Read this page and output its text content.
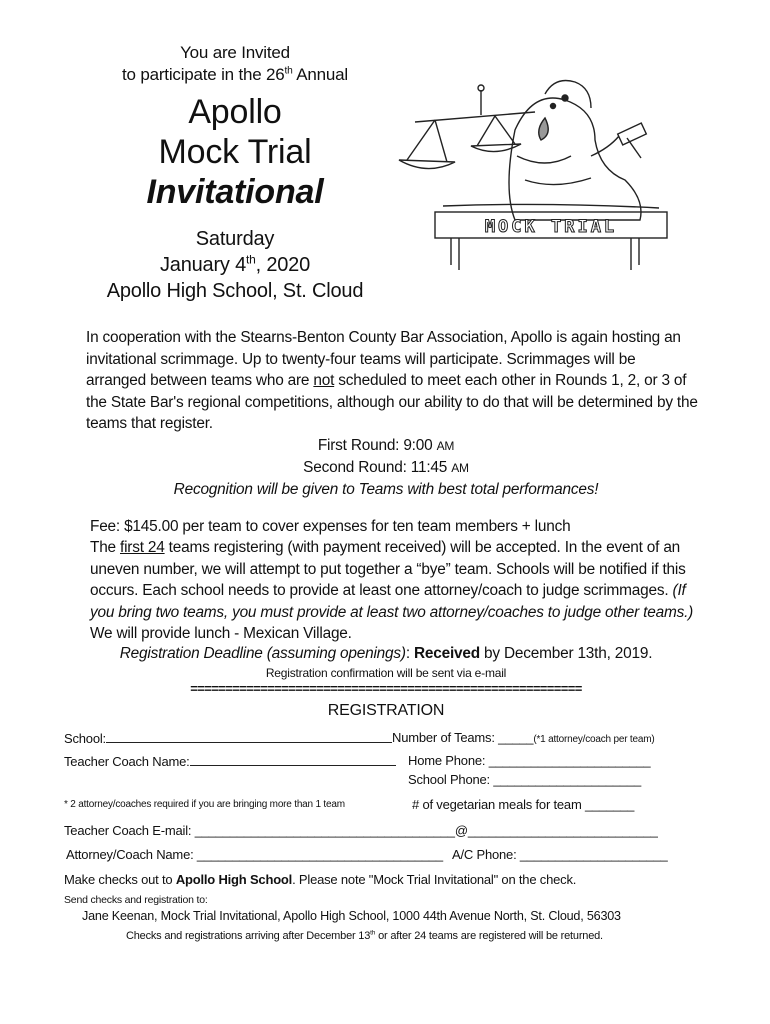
You are Invited
to participate in the 26th Annual
Apollo
Mock Trial
Invitational
Saturday
January 4th, 2020
Apollo High School, St. Cloud
MOCK TRIAL
In cooperation with the Stearns-Benton County Bar Association, Apollo is again hosting an
invitational scrimmage. Up to twenty-four teams will participate. Scrimmages will be
arranged between teams who are not scheduled to meet each other in Rounds 1, 2, or 3 of
the State Bar's regional competitions, although our ability to do that will be determined by the
teams that register.
First Round: 9:00 AM
Second Round: 11:45 AM
Recognition will be given to Teams with best total performances!
Fee: $145.00 per team to cover expenses for ten team members + lunch
The first 24 teams registering (with payment received) will be accepted. In the event of an
uneven number, we will attempt to put together a “bye” team. Schools will be notified if this
occurs. Each school needs to provide at least one attorney/coach to judge scrimmages. (If
you bring two teams, you must provide at least two attorney/coaches to judge other teams.)
We will provide lunch - Mexican Village.
Registration Deadline (assuming openings): Received by December 13th, 2019.
Registration confirmation will be sent via e-mail
========================================================
REGISTRATION
School:	Number of Teams: _____(*1 attorney/coach per team)
Teacher Coach Name:	Home Phone: _______________________
School Phone: _____________________
* 2 attorney/coaches required if you are bringing more than 1 team	# of vegetarian meals for team _______
Teacher Coach E-mail: _____________________________________@___________________________
Attorney/Coach Name: ___________________________________ A/C Phone: _____________________
Make checks out to Apollo High School. Please note "Mock Trial Invitational" on the check.
Send checks and registration to:
Jane Keenan, Mock Trial Invitational, Apollo High School, 1000 44th Avenue North, St. Cloud, 56303
Checks and registrations arriving after December 13th or after 24 teams are registered will be returned.
